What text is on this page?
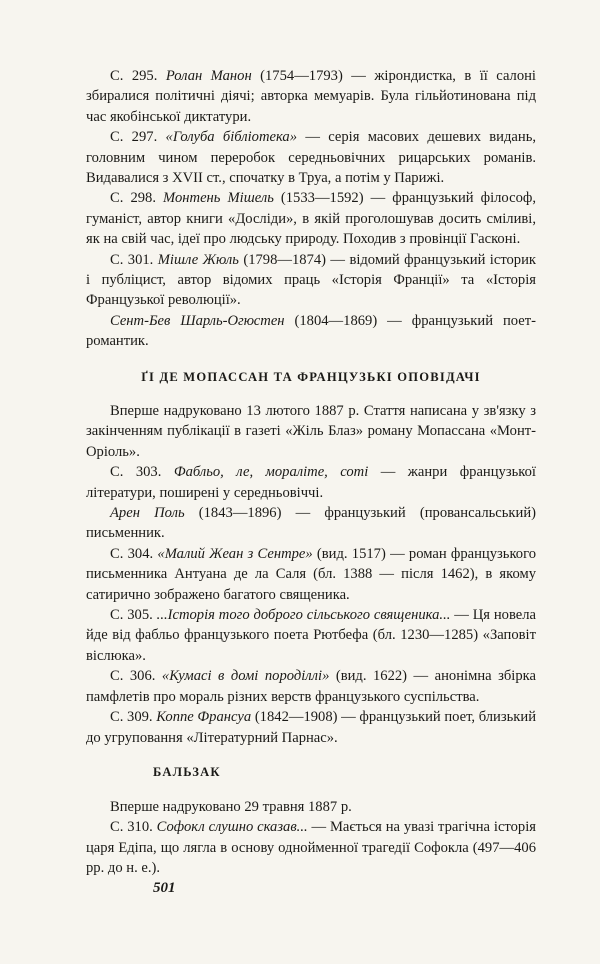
С. 295. Ролан Манон (1754—1793) — жірондистка, в її салоні збиралися політичні діячі; авторка мемуарів. Була гільйотинована під час якобінської диктатури.

С. 297. «Голуба бібліотека» — серія масових дешевих видань, головним чином переробок середньовічних рицарських романів. Видавалися з XVII ст., спочатку в Труа, а потім у Парижі.

С. 298. Монтень Мішель (1533—1592) — французький філософ, гуманіст, автор книги «Досліди», в якій проголошував досить сміливі, як на свій час, ідеї про людську природу. Походив з провінції Гасконі.

С. 301. Мішле Жюль (1798—1874) — відомий французький історик і публіцист, автор відомих праць «Історія Франції» та «Історія Французької революції».

Сент-Бев Шарль-Огюстен (1804—1869) — французький поет-романтик.

ҐІ ДЕ МОПАССАН ТА ФРАНЦУЗЬКІ ОПОВІДАЧІ

Вперше надруковано 13 лютого 1887 р. Стаття написана у зв'язку з закінченням публікації в газеті «Жіль Блаз» роману Мопассана «Монт-Оріоль».

С. 303. Фабльо, ле, мораліте, соті — жанри французької літератури, поширені у середньовіччі.

Арен Поль (1843—1896) — французький (провансальський) письменник.

С. 304. «Малий Жеан з Сентре» (вид. 1517) — роман французького письменника Антуана де ла Саля (бл. 1388 — після 1462), в якому сатирично зображено багатого священика.

С. 305. ...Історія того доброго сільського священика... — Ця новела йде від фабльо французького поета Рютбефа (бл. 1230—1285) «Заповіт віслюка».

С. 306. «Кумасі в домі породіллі» (вид. 1622) — анонімна збірка памфлетів про мораль різних верств французького суспільства.

С. 309. Коппе Франсуа (1842—1908) — французький поет, близький до угруповання «Літературний Парнас».

БАЛЬЗАК

Вперше надруковано 29 травня 1887 р.

С. 310. Софокл слушно сказав... — Мається на увазі трагічна історія царя Едіпа, що лягла в основу однойменної трагедії Софокла (497—406 рр. до н. е.).

501
